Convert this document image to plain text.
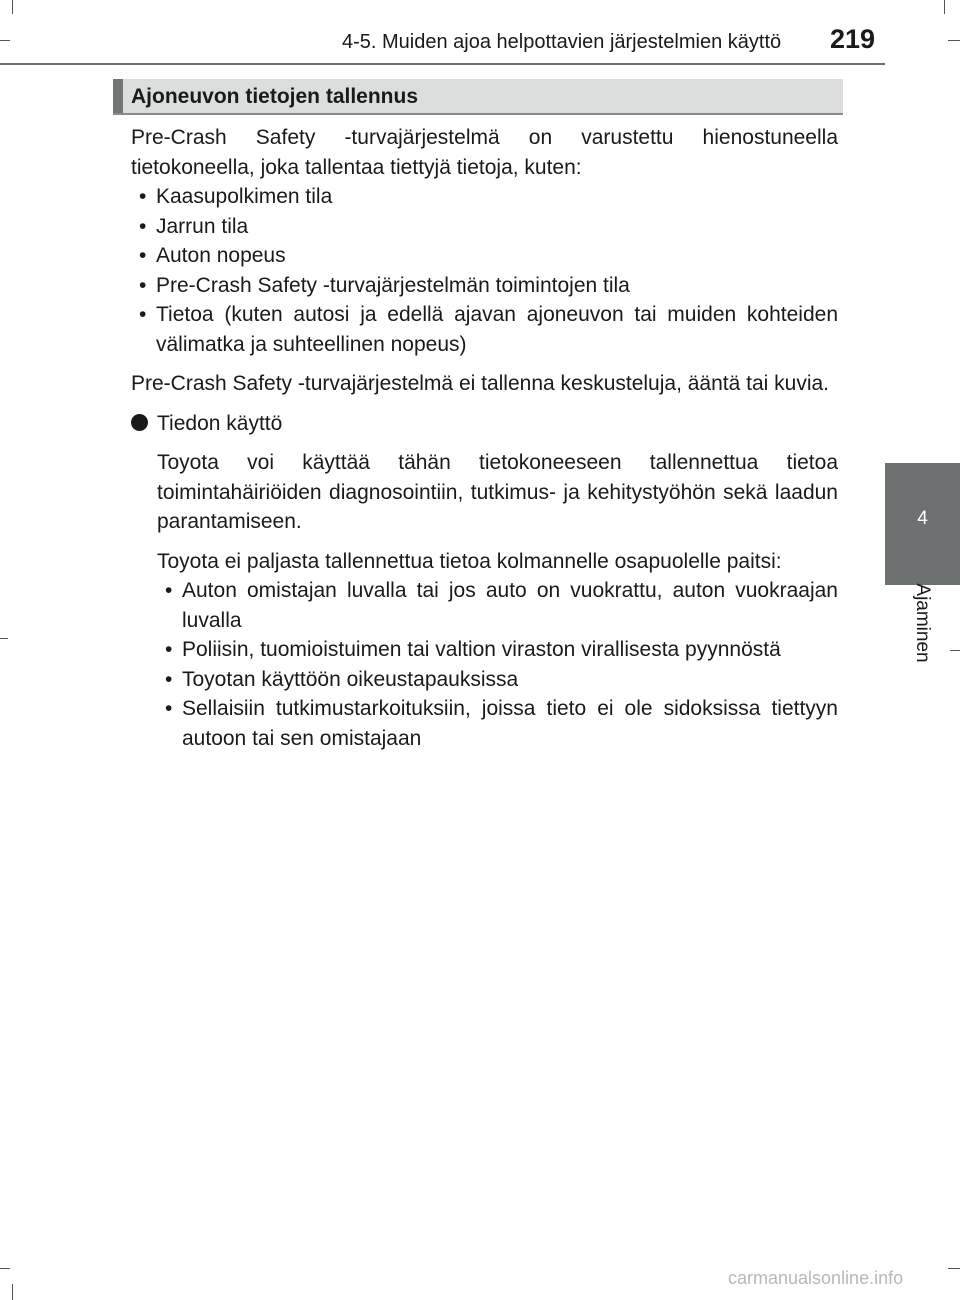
4-5. Muiden ajoa helpottavien järjestelmien käyttö 219
4
Ajaminen
Ajoneuvon tietojen tallennus

Pre-Crash Safety -turvajärjestelmä on varustettu hienostuneella tietokoneella, joka tallentaa tiettyjä tietoja, kuten:

• Kaasupolkimen tila
• Jarrun tila
• Auton nopeus
• Pre-Crash Safety -turvajärjestelmän toimintojen tila
• Tietoa (kuten autosi ja edellä ajavan ajoneuvon tai muiden kohteiden välimatka ja suhteellinen nopeus)

Pre-Crash Safety -turvajärjestelmä ei tallenna keskusteluja, ääntä tai kuvia.

Tiedon käyttö

Toyota voi käyttää tähän tietokoneeseen tallennettua tietoa toimintahäiriöiden diagnosointiin, tutkimus- ja kehitystyöhön sekä laadun parantamiseen.

Toyota ei paljasta tallennettua tietoa kolmannelle osapuolelle paitsi:

• Auton omistajan luvalla tai jos auto on vuokrattu, auton vuokraajan luvalla
• Poliisin, tuomioistuimen tai valtion viraston virallisesta pyynnöstä
• Toyotan käyttöön oikeustapauksissa
• Sellaisiin tutkimustarkoituksiin, joissa tieto ei ole sidoksissa tiettyyn autoon tai sen omistajaan
carmanualsonline.info
